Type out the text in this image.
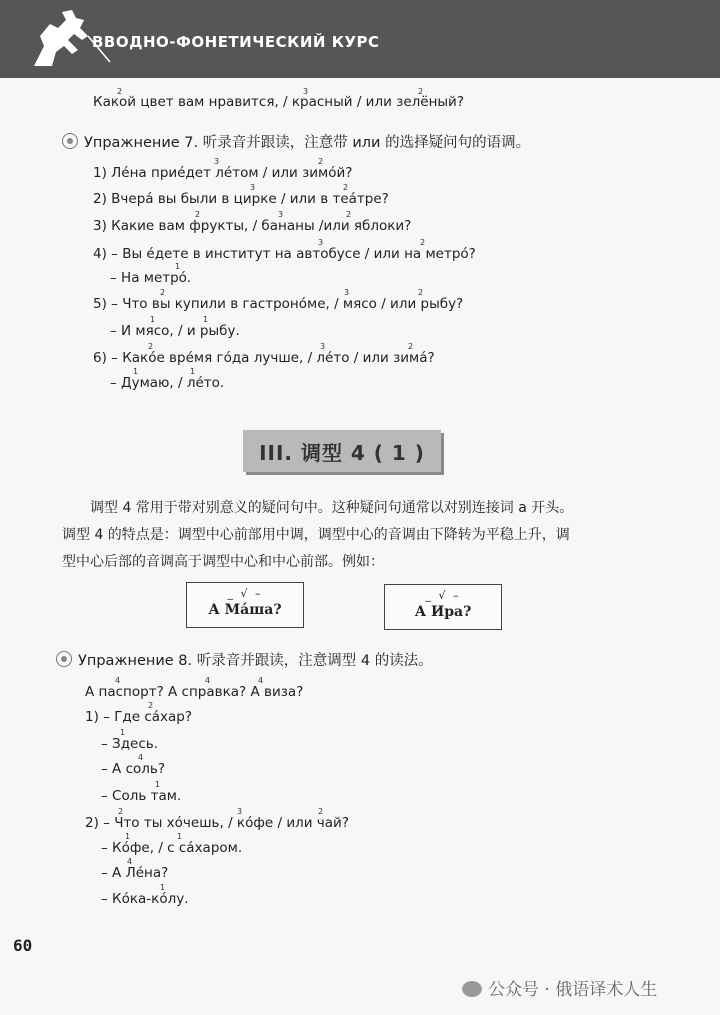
ВВОДНО-ФОНЕТИЧЕСКИЙ КУРС
Какой цвет вам нравится, / красный / или зелёный?
2	3	2
Упражнение 7. 听录音并跟读，注意带 или 的选择疑问句的语调。
1) Лéна приéдет лéтом / или зимóй?
3	2
2) Вчерá вы были в цирке / или в теáтре?
3	2
3) Какие вам фрукты, / бананы /или яблоки?
2	3	2
4) – Вы éдете в институт на автобусе / или на метрó?
3	2
– На метрó.
1
5) – Что вы купили в гастронóме, / мясо / или рыбу?
2	3	2
– И мясо, / и рыбу.
1	1
6) – Какóе врéмя гóда лучше, / лéто / или зимá?
2	3	2
– Думаю, / лéто.
1	1
III. 调型 4 ( 1 )
调型 4 常用于带对别意义的疑问句中。这种疑问句通常以对别连接词 а 开头。
调型 4 的特点是：调型中心前部用中调，调型中心的音调由下降转为平稳上升，调
型中心后部的音调高于调型中心和中心前部。例如：
_ √ –
А Мáша?
_ √ –
А Ира?
Упражнение 8. 听录音并跟读，注意调型 4 的读法。
А паспорт? А справка? А виза?
4	4	4
1) – Где сáхар?
2
– Здесь.
1
– А соль?
4
– Соль там.
1
2) – Что ты хóчешь, / кóфе / или чай?
2	3	2
– Кóфе, / с сáхаром.
1	1
– А Лéна?
4
– Кóка-кóлу.
1
60
公众号 · 俄语译术人生
